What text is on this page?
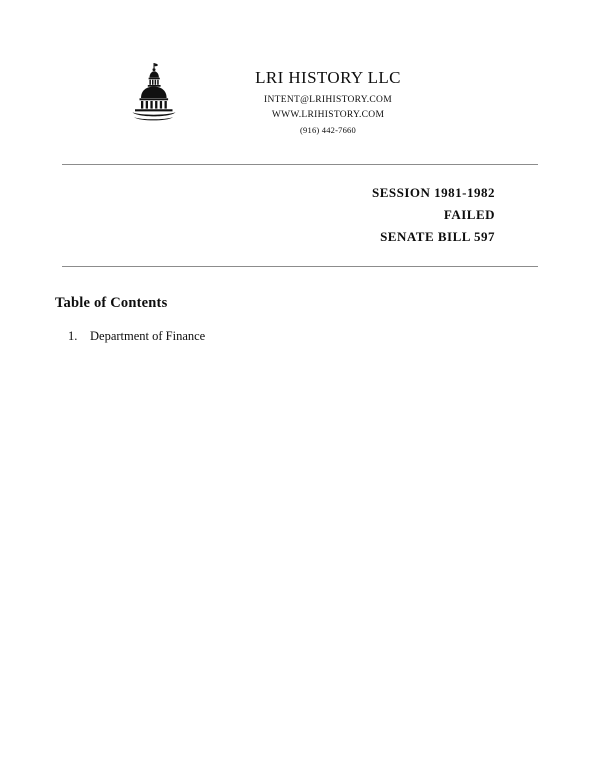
LRI HISTORY LLC
INTENT@LRIHISTORY.COM
WWW.LRIHISTORY.COM
(916) 442-7660
SESSION 1981-1982
FAILED
SENATE BILL 597
Table of Contents
1.	Department of Finance
